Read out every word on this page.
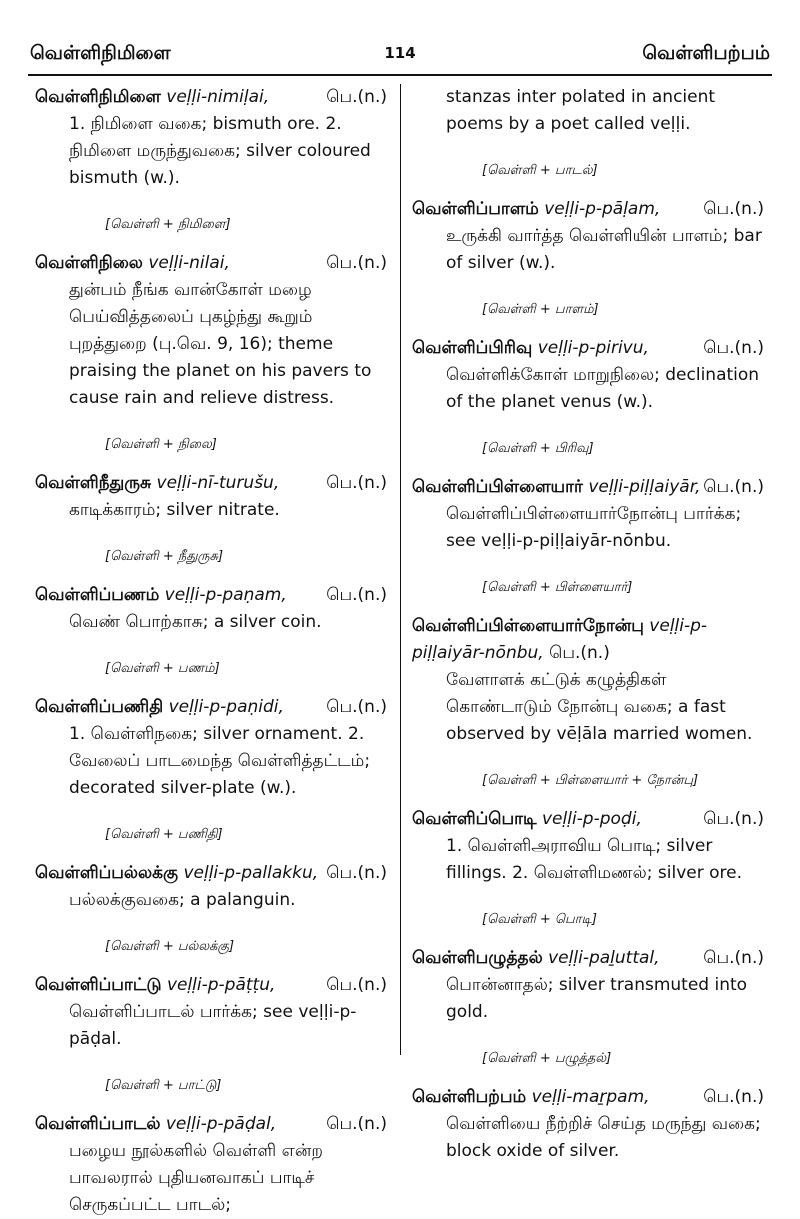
வெள்ளிநிமிளை	114	வெள்ளிபற்பம்
வெள்ளிநிமிளை veḷḷi-nimiḷai,	பெ.(n.)
1. நிமிளை வகை; bismuth ore. 2. நிமிளை மருந்துவகை; silver coloured bismuth (w.).
[வெள்ளி + நிமிளை]
வெள்ளிநிலை veḷḷi-nilai,	பெ.(n.)
துன்பம் நீங்க வான்கோள் மழை பெய்வித்தலைப் புகழ்ந்து கூறும் புறத்துறை (பு.வெ. 9, 16); theme praising the planet on his pavers to cause rain and relieve distress.
[வெள்ளி + நிலை]
வெள்ளிநீதுருசு veḷḷi-nī-turušu,	பெ.(n.)
காடிக்காரம்; silver nitrate.
[வெள்ளி + நீதுருசு]
வெள்ளிப்பணம் veḷḷi-p-paṇam, பெ.(n.)
வெண் பொற்காசு; a silver coin.
[வெள்ளி + பணம்]
வெள்ளிப்பணிதி veḷḷi-p-paṇidi, பெ.(n.)
1. வெள்ளிநகை; silver ornament. 2. வேலைப் பாடமைந்த வெள்ளித்தட்டம்; decorated silver-plate (w.).
[வெள்ளி + பணிதி]
வெள்ளிப்பல்லக்கு veḷḷi-p-pallakku, பெ.(n.)
பல்லக்குவகை; a palanguin.
[வெள்ளி + பல்லக்கு]
வெள்ளிப்பாட்டு veḷḷi-p-pāṭṭu,	பெ.(n.)
வெள்ளிப்பாடல் பார்க்க; see veḷḷi-p-pāḍal.
[வெள்ளி + பாட்டு]
வெள்ளிப்பாடல் veḷḷi-p-pāḍal,	பெ.(n.)
பழைய நூல்களில் வெள்ளி என்ற பாவலரால் புதியனவாகப் பாடிச் செருகப்பட்ட பாடல்;
stanzas inter polated in ancient poems by a poet called veḷḷi.
[வெள்ளி + பாடல்]
வெள்ளிப்பாளம் veḷḷi-p-pāḷam,	பெ.(n.)
உருக்கி வார்த்த வெள்ளியின் பாளம்; bar of silver (w.).
[வெள்ளி + பாளம்]
வெள்ளிப்பிரிவு veḷḷi-p-pirivu,	பெ.(n.)
வெள்ளிக்கோள் மாறுநிலை; declination of the planet venus (w.).
[வெள்ளி + பிரிவு]
வெள்ளிப்பிள்ளையார் veḷḷi-piḷḷaiyār, பெ.(n.)
வெள்ளிப்பிள்ளையார்நோன்பு பார்க்க; see veḷḷi-p-piḷḷaiyār-nōnbu.
[வெள்ளி + பிள்ளையார்]
வெள்ளிப்பிள்ளையார்நோன்பு veḷḷi-p-piḷḷaiyār-nōnbu, பெ.(n.)
வேளாளக் கட்டுக் கழுத்திகள் கொண்டாடும் நோன்பு வகை; a fast observed by vēḷāla married women.
[வெள்ளி + பிள்ளையார் + நோன்பு]
வெள்ளிப்பொடி veḷḷi-p-poḍi,	பெ.(n.)
1. வெள்ளிஅராவிய பொடி; silver fillings. 2. வெள்ளிமணல்; silver ore.
[வெள்ளி + பொடி]
வெள்ளிபழுத்தல் veḷḷi-paḻuttal,	பெ.(n.)
பொன்னாதல்; silver transmuted into gold.
[வெள்ளி + பழுத்தல்]
வெள்ளிபற்பம் veḷḷi-maṟpam,	பெ.(n.)
வெள்ளியை நீற்றிச் செய்த மருந்து வகை; block oxide of silver.
